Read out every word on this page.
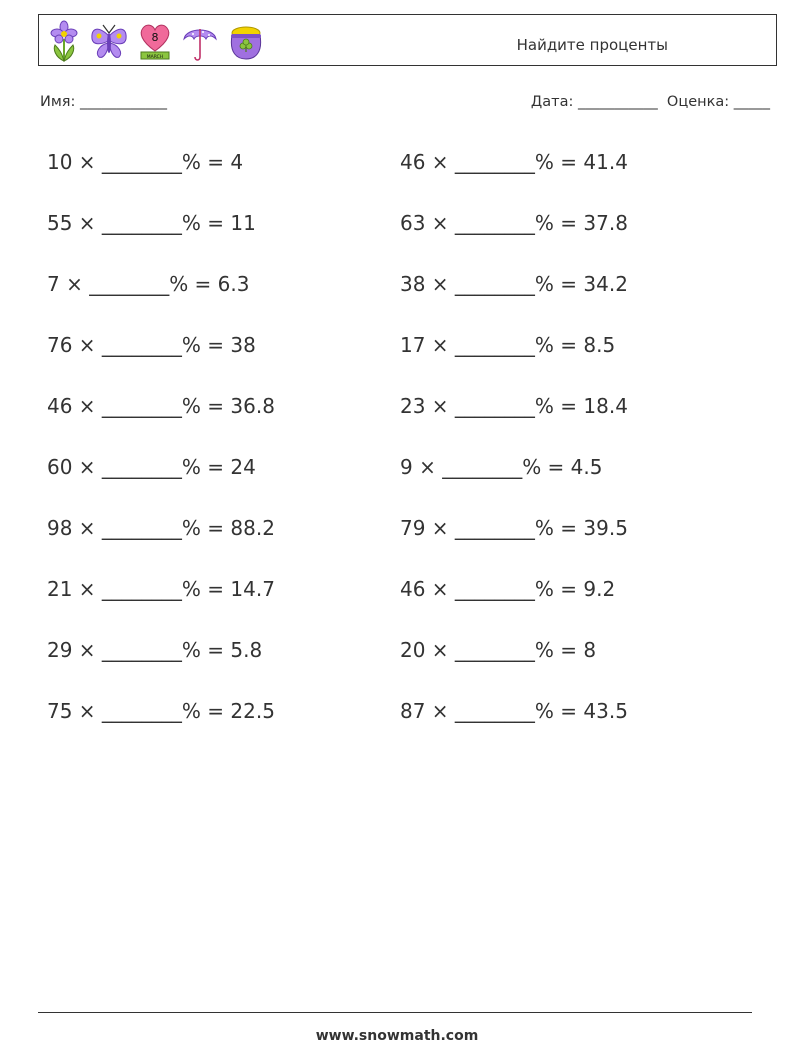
8
MARCH
Найдите проценты
Имя: ____________	Дата: ___________ Оценка: _____
10 × ________% = 4
55 × ________% = 11
7 × ________% = 6.3
76 × ________% = 38
46 × ________% = 36.8
60 × ________% = 24
98 × ________% = 88.2
21 × ________% = 14.7
29 × ________% = 5.8
75 × ________% = 22.5
46 × ________% = 41.4
63 × ________% = 37.8
38 × ________% = 34.2
17 × ________% = 8.5
23 × ________% = 18.4
9 × ________% = 4.5
79 × ________% = 39.5
46 × ________% = 9.2
20 × ________% = 8
87 × ________% = 43.5
www.snowmath.com
